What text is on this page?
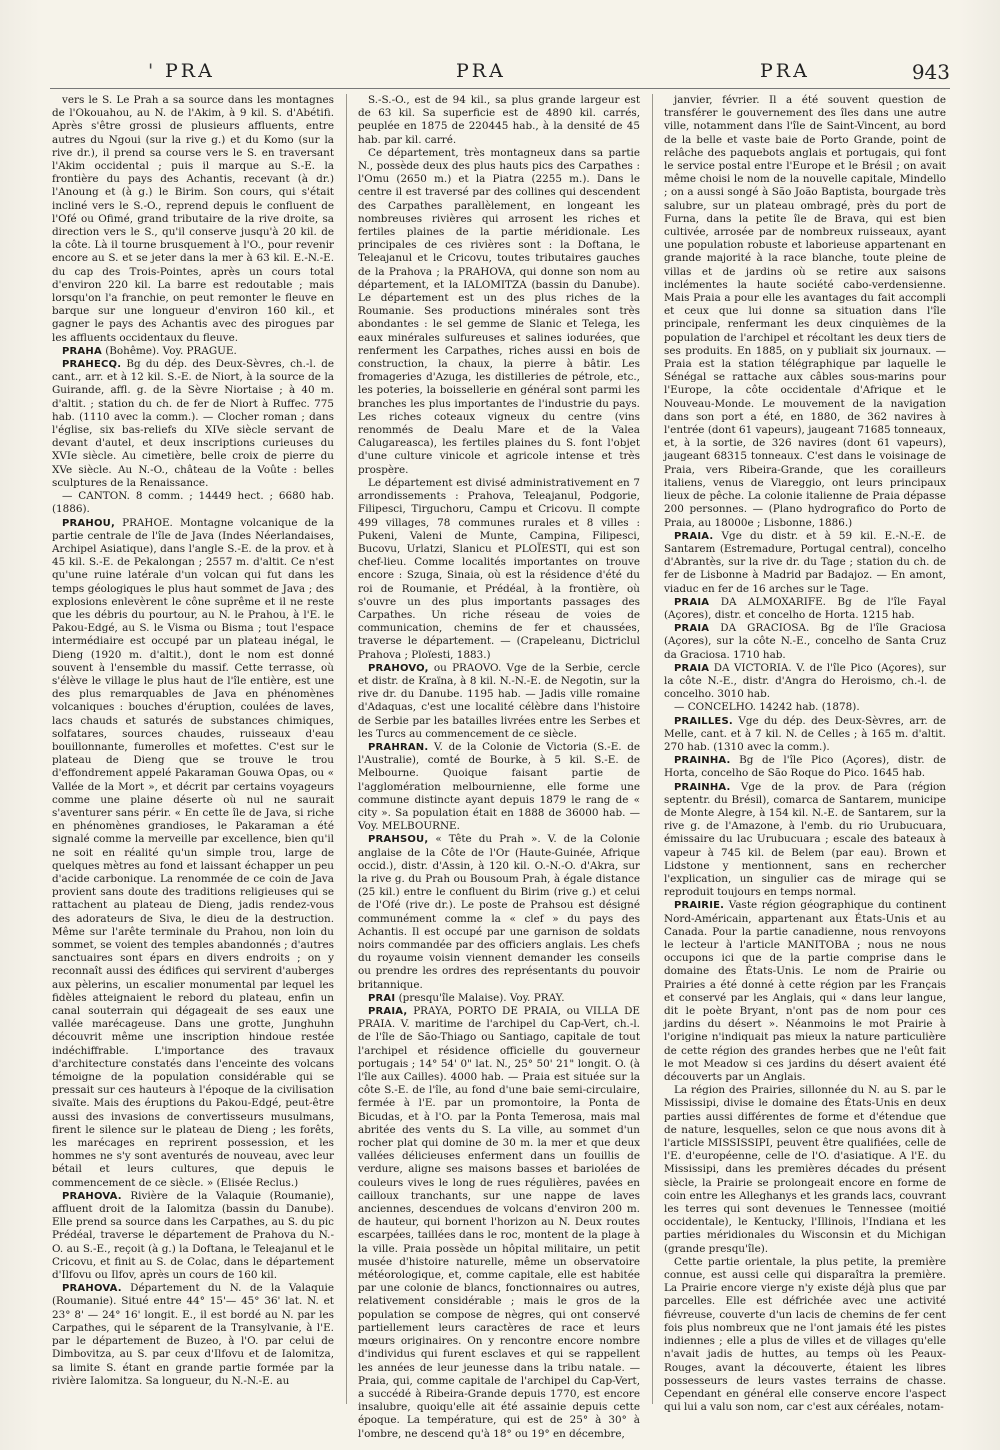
' PRA	PRA	PRA	943

vers le S. Le Prah a sa source dans les montagnes de l'Okouahou, au N. de l'Akim, à 9 kil. S. d'Abétifi. Après s'être grossi de plusieurs affluents, entre autres du Ngoui (sur la rive g.) et du Komo (sur la rive dr.), il prend sa course vers le S. en traversant l'Akim occidental ; puis il marque au S.-E. la frontière du pays des Achantis, recevant (à dr.) l'Anoung et (à g.) le Birim. Son cours, qui s'était incliné vers le S.-O., reprend depuis le confluent de l'Ofé ou Ofimé, grand tributaire de la rive droite, sa direction vers le S., qu'il conserve jusqu'à 20 kil. de la côte. Là il tourne brusquement à l'O., pour revenir encore au S. et se jeter dans la mer à 63 kil. E.-N.-E. du cap des Trois-Pointes, après un cours total d'environ 220 kil. La barre est redoutable ; mais lorsqu'on l'a franchie, on peut remonter le fleuve en barque sur une longueur d'environ 160 kil., et gagner le pays des Achantis avec des pirogues par les affluents occidentaux du fleuve.

PRAHA (Bohême). Voy. PRAGUE.

PRAHECQ. Bg du dép. des Deux-Sèvres, ch.-l. de cant., arr. et à 12 kil. S.-E. de Niort, à la source de la Guirande, affl. g. de la Sèvre Niortaise ; à 40 m. d'altit. ; station du ch. de fer de Niort à Ruffec. 775 hab. (1110 avec la comm.). — Clocher roman ; dans l'église, six bas-reliefs du XIVe siècle servant de devant d'autel, et deux inscriptions curieuses du XVIe siècle. Au cimetière, belle croix de pierre du XVe siècle. Au N.-O., château de la Voûte : belles sculptures de la Renaissance.

— CANTON. 8 comm. ; 14449 hect. ; 6680 hab. (1886).

PRAHOU, PRAHOE. Montagne volcanique de la partie centrale de l'île de Java (Indes Néerlandaises, Archipel Asiatique), dans l'angle S.-E. de la prov. et à 45 kil. S.-E. de Pekalongan ; 2557 m. d'altit. Ce n'est qu'une ruine latérale d'un volcan qui fut dans les temps géologiques le plus haut sommet de Java ; des explosions enlevèrent le cône suprême et il ne reste que les débris du pourtour, au N. le Prahou, à l'E. le Pakou-Edgé, au S. le Visma ou Bisma ; tout l'espace intermédiaire est occupé par un plateau inégal, le Dieng (1920 m. d'altit.), dont le nom est donné souvent à l'ensemble du massif. Cette terrasse, où s'élève le village le plus haut de l'île entière, est une des plus remarquables de Java en phénomènes volcaniques : bouches d'éruption, coulées de laves, lacs chauds et saturés de substances chimiques, solfatares, sources chaudes, ruisseaux d'eau bouillonnante, fumerolles et mofettes. C'est sur le plateau de Dieng que se trouve le trou d'effondrement appelé Pakaraman Gouwa Opas, ou « Vallée de la Mort », et décrit par certains voyageurs comme une plaine déserte où nul ne saurait s'aventurer sans périr. « En cette île de Java, si riche en phénomènes grandioses, le Pakaraman a été signalé comme la merveille par excellence, bien qu'il ne soit en réalité qu'un simple trou, large de quelques mètres au fond et laissant échapper un peu d'acide carbonique. La renommée de ce coin de Java provient sans doute des traditions religieuses qui se rattachent au plateau de Dieng, jadis rendez-vous des adorateurs de Siva, le dieu de la destruction. Même sur l'arête terminale du Prahou, non loin du sommet, se voient des temples abandonnés ; d'autres sanctuaires sont épars en divers endroits ; on y reconnaît aussi des édifices qui servirent d'auberges aux pèlerins, un escalier monumental par lequel les fidèles atteignaient le rebord du plateau, enfin un canal souterrain qui dégageait de ses eaux une vallée marécageuse. Dans une grotte, Junghuhn découvrit même une inscription hindoue restée indéchiffrable. L'importance des travaux d'architecture constatés dans l'enceinte des volcans témoigne de la population considérable qui se pressait sur ces hauteurs à l'époque de la civilisation sivaïte. Mais des éruptions du Pakou-Edgé, peut-être aussi des invasions de convertisseurs musulmans, firent le silence sur le plateau de Dieng ; les forêts, les marécages en reprirent possession, et les hommes ne s'y sont aventurés de nouveau, avec leur bétail et leurs cultures, que depuis le commencement de ce siècle. » (Elisée Reclus.)

PRAHOVA. Rivière de la Valaquie (Roumanie), affluent droit de la Ialomitza (bassin du Danube). Elle prend sa source dans les Carpathes, au S. du pic Prédéal, traverse le département de Prahova du N.-O. au S.-E., reçoit (à g.) la Doftana, le Teleajanul et le Cricovu, et finit au S. de Colac, dans le département d'Ilfovu ou Ilfov, après un cours de 160 kil.

PRAHOVA. Département du N. de la Valaquie (Roumanie). Situé entre 44° 15'— 45° 36' lat. N. et 23° 8' — 24° 16' longit. E., il est bordé au N. par les Carpathes, qui le séparent de la Transylvanie, à l'E. par le département de Buzeo, à l'O. par celui de Dimbovitza, au S. par ceux d'Ilfovu et de Ialomitza, sa limite S. étant en grande partie formée par la rivière Ialomitza. Sa longueur, du N.-N.-E. au

S.-S.-O., est de 94 kil., sa plus grande largeur est de 63 kil. Sa superficie est de 4890 kil. carrés, peuplée en 1875 de 220445 hab., à la densité de 45 hab. par kil. carré.

Ce département, très montagneux dans sa partie N., possède deux des plus hauts pics des Carpathes : l'Omu (2650 m.) et la Piatra (2255 m.). Dans le centre il est traversé par des collines qui descendent des Carpathes parallèlement, en longeant les nombreuses rivières qui arrosent les riches et fertiles plaines de la partie méridionale. Les principales de ces rivières sont : la Doftana, le Teleajanul et le Cricovu, toutes tributaires gauches de la Prahova ; la PRAHOVA, qui donne son nom au département, et la IALOMITZA (bassin du Danube). Le département est un des plus riches de la Roumanie. Ses productions minérales sont très abondantes : le sel gemme de Slanic et Telega, les eaux minérales sulfureuses et salines iodurées, que renferment les Carpathes, riches aussi en bois de construction, la chaux, la pierre à bâtir. Les fromageries d'Azuga, les distilleries de pétrole, etc., les poteries, la boissellerie en général sont parmi les branches les plus importantes de l'industrie du pays. Les riches coteaux vigneux du centre (vins renommés de Dealu Mare et de la Valea Calugareasca), les fertiles plaines du S. font l'objet d'une culture vinicole et agricole intense et très prospère.

Le département est divisé administrativement en 7 arrondissements : Prahova, Teleajanul, Podgorie, Filipesci, Tirguchoru, Campu et Cricovu. Il compte 499 villages, 78 communes rurales et 8 villes : Pukeni, Valeni de Munte, Campina, Filipesci, Bucovu, Urlatzi, Slanicu et PLOÏESTI, qui est son chef-lieu. Comme localités importantes on trouve encore : Szuga, Sinaia, où est la résidence d'été du roi de Roumanie, et Prédéal, à la frontière, où s'ouvre un des plus importants passages des Carpathes. Un riche réseau de voies de communication, chemins de fer et chaussées, traverse le département. — (Crapeleanu, Dictriclul Prahova ; Ploïesti, 1883.)

PRAHOVO, ou PRAOVO. Vge de la Serbie, cercle et distr. de Kraïna, à 8 kil. N.-N.-E. de Negotin, sur la rive dr. du Danube. 1195 hab. — Jadis ville romaine d'Adaquas, c'est une localité célèbre dans l'histoire de Serbie par les batailles livrées entre les Serbes et les Turcs au commencement de ce siècle.

PRAHRAN. V. de la Colonie de Victoria (S.-E. de l'Australie), comté de Bourke, à 5 kil. S.-E. de Melbourne. Quoique faisant partie de l'agglomération melbournienne, elle forme une commune distincte ayant depuis 1879 le rang de « city ». Sa population était en 1888 de 36000 hab. — Voy. MELBOURNE.

PRAHSOU, « Tête du Prah ». V. de la Colonie anglaise de la Côte de l'Or (Haute-Guinée, Afrique occid.), distr. d'Assin, à 120 kil. O.-N.-O. d'Akra, sur la rive g. du Prah ou Bousoum Prah, à égale distance (25 kil.) entre le confluent du Birim (rive g.) et celui de l'Ofé (rive dr.). Le poste de Prahsou est désigné communément comme la « clef » du pays des Achantis. Il est occupé par une garnison de soldats noirs commandée par des officiers anglais. Les chefs du royaume voisin viennent demander les conseils ou prendre les ordres des représentants du pouvoir britannique.

PRAI (presqu'île Malaise). Voy. PRAY.

PRAIA, PRAYA, PORTO DE PRAIA, ou VILLA DE PRAIA. V. maritime de l'archipel du Cap-Vert, ch.-l. de l'île de São-Thiago ou Santiago, capitale de tout l'archipel et résidence officielle du gouverneur portugais ; 14° 54' 0" lat. N., 25° 50' 21" longit. O. (à l'île aux Cailles). 4000 hab. — Praia est située sur la côte S.-E. de l'île, au fond d'une baie semi-circulaire, fermée à l'E. par un promontoire, la Ponta de Bicudas, et à l'O. par la Ponta Temerosa, mais mal abritée des vents du S. La ville, au sommet d'un rocher plat qui domine de 30 m. la mer et que deux vallées délicieuses enferment dans un fouillis de verdure, aligne ses maisons basses et bariolées de couleurs vives le long de rues régulières, pavées en cailloux tranchants, sur une nappe de laves anciennes, descendues de volcans d'environ 200 m. de hauteur, qui bornent l'horizon au N. Deux routes escarpées, taillées dans le roc, montent de la plage à la ville. Praia possède un hôpital militaire, un petit musée d'histoire naturelle, même un observatoire météorologique, et, comme capitale, elle est habitée par une colonie de blancs, fonctionnaires ou autres, relativement considérable ; mais le gros de la population se compose de nègres, qui ont conservé partiellement leurs caractères de race et leurs mœurs originaires. On y rencontre encore nombre d'individus qui furent esclaves et qui se rappellent les années de leur jeunesse dans la tribu natale. — Praia, qui, comme capitale de l'archipel du Cap-Vert, a succédé à Ribeira-Grande depuis 1770, est encore insalubre, quoiqu'elle ait été assainie depuis cette époque. La température, qui est de 25° à 30° à l'ombre, ne descend qu'à 18° ou 19° en décembre,

janvier, février. Il a été souvent question de transférer le gouvernement des îles dans une autre ville, notamment dans l'île de Saint-Vincent, au bord de la belle et vaste baie de Porto Grande, point de relâche des paquebots anglais et portugais, qui font le service postal entre l'Europe et le Brésil ; on avait même choisi le nom de la nouvelle capitale, Mindello ; on a aussi songé à São João Baptista, bourgade très salubre, sur un plateau ombragé, près du port de Furna, dans la petite île de Brava, qui est bien cultivée, arrosée par de nombreux ruisseaux, ayant une population robuste et laborieuse appartenant en grande majorité à la race blanche, toute pleine de villas et de jardins où se retire aux saisons inclémentes la haute société cabo-verdensienne. Mais Praia a pour elle les avantages du fait accompli et ceux que lui donne sa situation dans l'île principale, renfermant les deux cinquièmes de la population de l'archipel et récoltant les deux tiers de ses produits. En 1885, on y publiait six journaux. — Praia est la station télégraphique par laquelle le Sénégal se rattache aux câbles sous-marins pour l'Europe, la côte occidentale d'Afrique et le Nouveau-Monde. Le mouvement de la navigation dans son port a été, en 1880, de 362 navires à l'entrée (dont 61 vapeurs), jaugeant 71685 tonneaux, et, à la sortie, de 326 navires (dont 61 vapeurs), jaugeant 68315 tonneaux. C'est dans le voisinage de Praia, vers Ribeira-Grande, que les corailleurs italiens, venus de Viareggio, ont leurs principaux lieux de pêche. La colonie italienne de Praia dépasse 200 personnes. — (Plano hydrografico do Porto de Praia, au 18000e ; Lisbonne, 1886.)

PRAIA. Vge du distr. et à 59 kil. E.-N.-E. de Santarem (Estremadure, Portugal central), concelho d'Abrantès, sur la rive dr. du Tage ; station du ch. de fer de Lisbonne à Madrid par Badajoz. — En amont, viaduc en fer de 16 arches sur le Tage.

PRAIA DA ALMOXARIFE. Bg de l'île Fayal (Açores), distr. et concelho de Horta. 1215 hab.

PRAIA DA GRACIOSA. Bg de l'île Graciosa (Açores), sur la côte N.-E., concelho de Santa Cruz da Graciosa. 1710 hab.

PRAIA DA VICTORIA. V. de l'île Pico (Açores), sur la côte N.-E., distr. d'Angra do Heroismo, ch.-l. de concelho. 3010 hab.

— CONCELHO. 14242 hab. (1878).

PRAILLES. Vge du dép. des Deux-Sèvres, arr. de Melle, cant. et à 7 kil. N. de Celles ; à 165 m. d'altit. 270 hab. (1310 avec la comm.).

PRAINHA. Bg de l'île Pico (Açores), distr. de Horta, concelho de São Roque do Pico. 1645 hab.

PRAINHA. Vge de la prov. de Para (région septentr. du Brésil), comarca de Santarem, municipe de Monte Alegre, à 154 kil. N.-E. de Santarem, sur la rive g. de l'Amazone, à l'emb. du rio Urubucuara, émissaire du lac Urubucuara ; escale des bateaux à vapeur à 745 kil. de Belem (par eau). Brown et Lidstone y mentionnent, sans en rechercher l'explication, un singulier cas de mirage qui se reproduit toujours en temps normal.

PRAIRIE. Vaste région géographique du continent Nord-Américain, appartenant aux États-Unis et au Canada. Pour la partie canadienne, nous renvoyons le lecteur à l'article MANITOBA ; nous ne nous occupons ici que de la partie comprise dans le domaine des États-Unis. Le nom de Prairie ou Prairies a été donné à cette région par les Français et conservé par les Anglais, qui « dans leur langue, dit le poète Bryant, n'ont pas de nom pour ces jardins du désert ». Néanmoins le mot Prairie à l'origine n'indiquait pas mieux la nature particulière de cette région des grandes herbes que ne l'eût fait le mot Meadow si ces jardins du désert avaient été découverts par un Anglais.

La région des Prairies, sillonnée du N. au S. par le Mississipi, divise le domaine des États-Unis en deux parties aussi différentes de forme et d'étendue que de nature, lesquelles, selon ce que nous avons dit à l'article MISSISSIPI, peuvent être qualifiées, celle de l'E. d'européenne, celle de l'O. d'asiatique. A l'E. du Mississipi, dans les premières décades du présent siècle, la Prairie se prolongeait encore en forme de coin entre les Alleghanys et les grands lacs, couvrant les terres qui sont devenues le Tennessee (moitié occidentale), le Kentucky, l'Illinois, l'Indiana et les parties méridionales du Wisconsin et du Michigan (grande presqu'île).

Cette partie orientale, la plus petite, la première connue, est aussi celle qui disparaîtra la première. La Prairie encore vierge n'y existe déjà plus que par parcelles. Elle est défrichée avec une activité fiévreuse, couverte d'un lacis de chemins de fer cent fois plus nombreux que ne l'ont jamais été les pistes indiennes ; elle a plus de villes et de villages qu'elle n'avait jadis de huttes, au temps où les Peaux-Rouges, avant la découverte, étaient les libres possesseurs de leurs vastes terrains de chasse. Cependant en général elle conserve encore l'aspect qui lui a valu son nom, car c'est aux céréales, notam-
